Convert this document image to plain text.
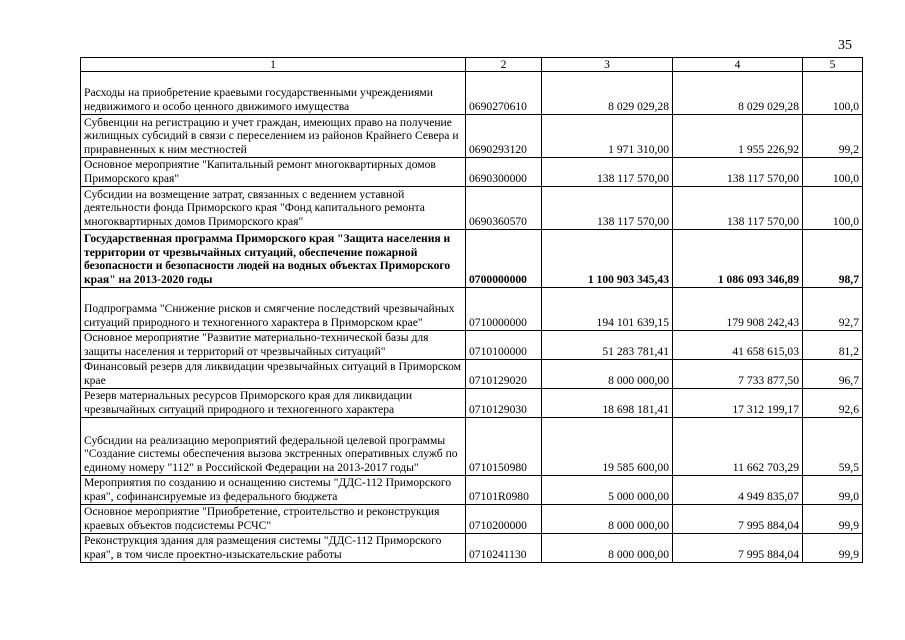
35
1	2	3	4	5
Расходы на приобретение краевыми государственными учреждениями недвижимого и особо ценного движимого имущества	0690270610	8 029 029,28	8 029 029,28	100,0
Субвенции на регистрацию и учет граждан, имеющих право на получение жилищных субсидий в связи с переселением из районов Крайнего Севера и приравненных к ним местностей	0690293120	1 971 310,00	1 955 226,92	99,2
Основное мероприятие "Капитальный ремонт многоквартирных домов Приморского края"	0690300000	138 117 570,00	138 117 570,00	100,0
Субсидии на возмещение затрат, связанных с ведением уставной деятельности фонда Приморского края "Фонд капитального ремонта многоквартирных домов Приморского края"	0690360570	138 117 570,00	138 117 570,00	100,0
Государственная программа Приморского края "Защита населения и территории от чрезвычайных ситуаций, обеспечение пожарной безопасности и безопасности людей на водных объектах Приморского края" на 2013-2020 годы	0700000000	1 100 903 345,43	1 086 093 346,89	98,7
Подпрограмма "Снижение рисков и смягчение последствий чрезвычайных ситуаций природного и техногенного характера в Приморском крае"	0710000000	194 101 639,15	179 908 242,43	92,7
Основное мероприятие "Развитие материально-технической базы для защиты населения и территорий от чрезвычайных ситуаций"	0710100000	51 283 781,41	41 658 615,03	81,2
Финансовый резерв для ликвидации чрезвычайных ситуаций в Приморском крае	0710129020	8 000 000,00	7 733 877,50	96,7
Резерв материальных ресурсов Приморского края для ликвидации чрезвычайных ситуаций природного и техногенного характера	0710129030	18 698 181,41	17 312 199,17	92,6
Субсидии на реализацию мероприятий федеральной целевой программы "Создание системы обеспечения вызова экстренных оперативных служб по единому номеру "112" в Российской Федерации на 2013-2017 годы"	0710150980	19 585 600,00	11 662 703,29	59,5
Мероприятия по созданию и оснащению системы "ДДС-112 Приморского края", софинансируемые из федерального бюджета	07101R0980	5 000 000,00	4 949 835,07	99,0
Основное мероприятие "Приобретение, строительство и реконструкция краевых объектов подсистемы РСЧС"	0710200000	8 000 000,00	7 995 884,04	99,9
Реконструкция здания для размещения системы "ДДС-112 Приморского края", в том числе проектно-изыскательские работы	0710241130	8 000 000,00	7 995 884,04	99,9
